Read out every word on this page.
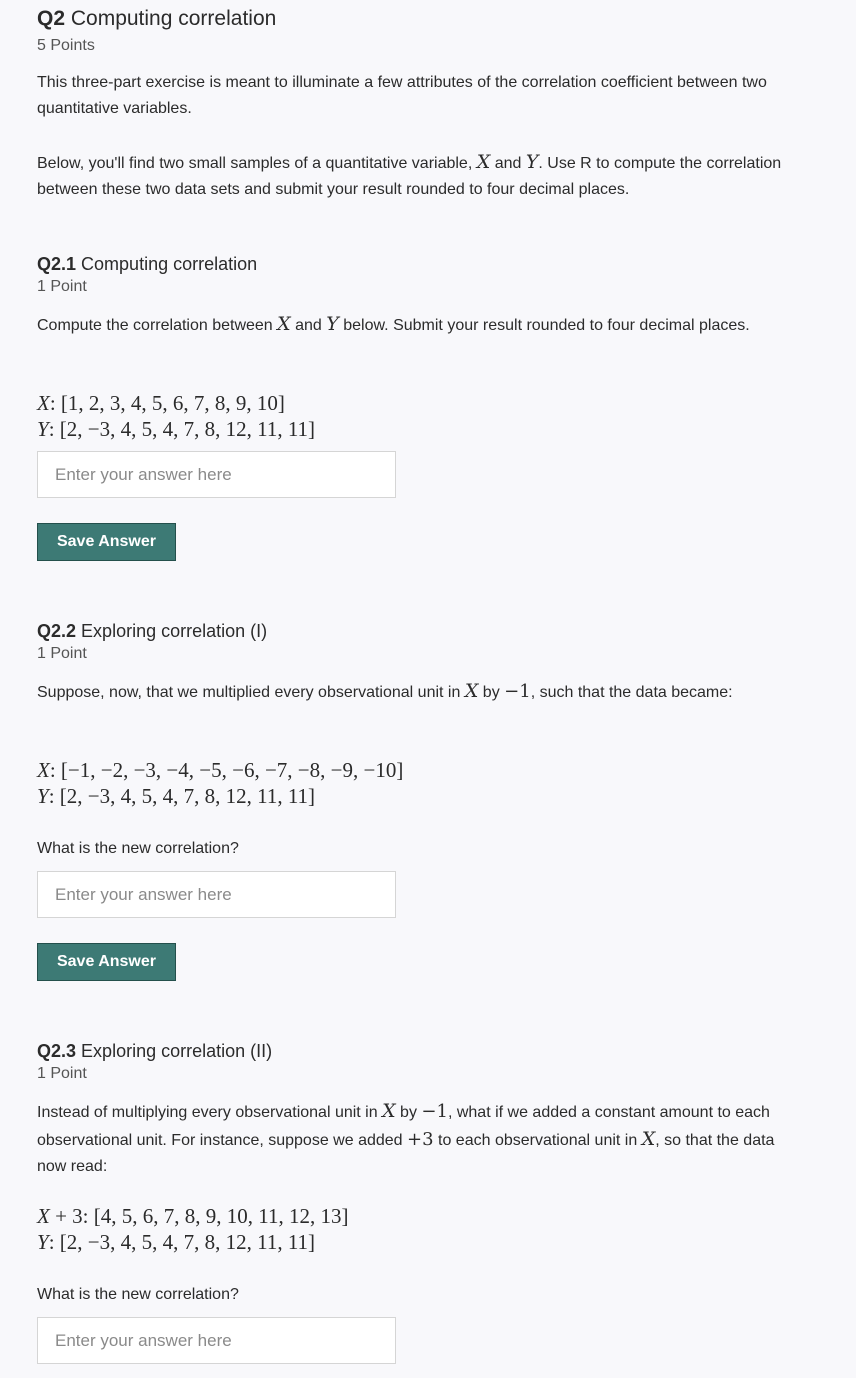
Q2 Computing correlation

5 Points

This three-part exercise is meant to illuminate a few attributes of the correlation coefficient between two quantitative variables.

Below, you'll find two small samples of a quantitative variable, X and Y. Use R to compute the correlation between these two data sets and submit your result rounded to four decimal places.

Q2.1 Computing correlation

1 Point

Compute the correlation between X and Y below. Submit your result rounded to four decimal places.

X: [1, 2, 3, 4, 5, 6, 7, 8, 9, 10]

Y: [2, −3, 4, 5, 4, 7, 8, 12, 11, 11]

Enter your answer here
Save Answer

Q2.2 Exploring correlation (I)

1 Point

Suppose, now, that we multiplied every observational unit in X by −1, such that the data became:

X: [−1, −2, −3, −4, −5, −6, −7, −8, −9, −10]

Y: [2, −3, 4, 5, 4, 7, 8, 12, 11, 11]

What is the new correlation?

Enter your answer here
Save Answer

Q2.3 Exploring correlation (II)

1 Point

Instead of multiplying every observational unit in X by −1, what if we added a constant amount to each observational unit. For instance, suppose we added +3 to each observational unit in X, so that the data now read:

X + 3: [4, 5, 6, 7, 8, 9, 10, 11, 12, 13]

Y: [2, −3, 4, 5, 4, 7, 8, 12, 11, 11]

What is the new correlation?

Enter your answer here
